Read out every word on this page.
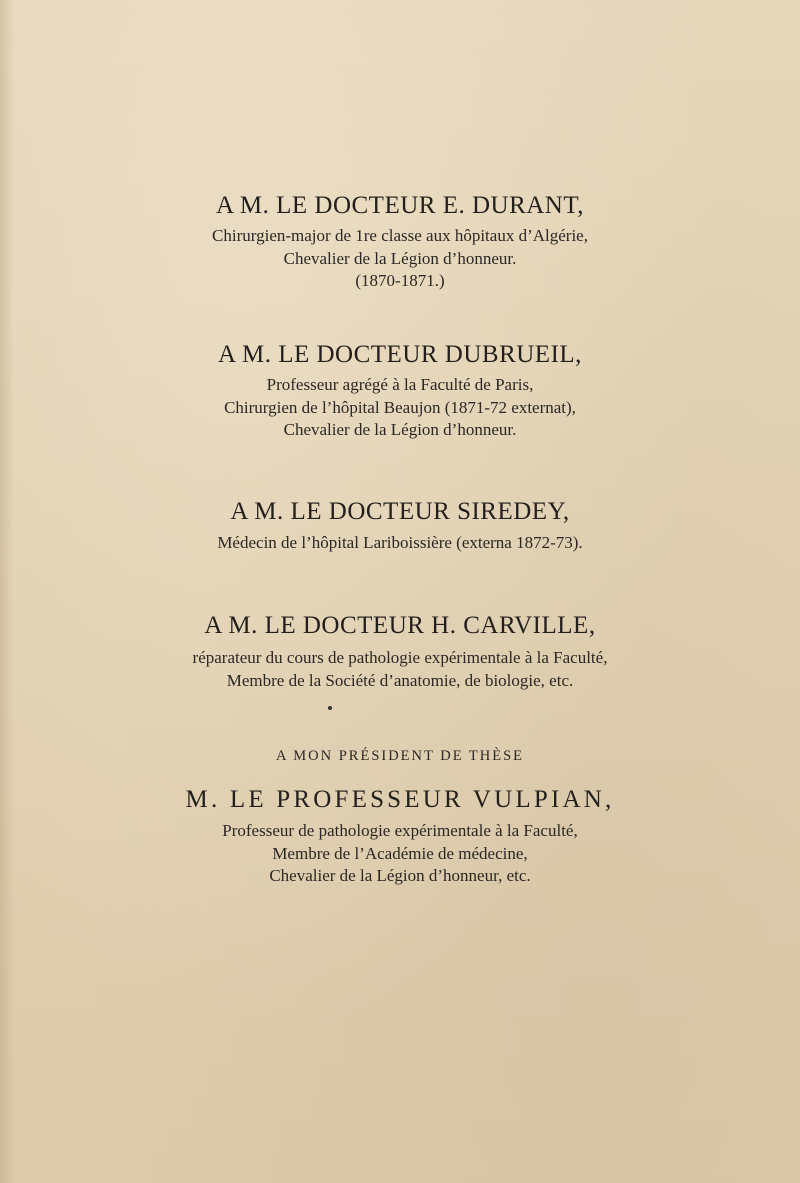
A M. LE DOCTEUR E. DURANT,
Chirurgien-major de 1re classe aux hôpitaux d’Algérie,
Chevalier de la Légion d’honneur.
(1870-1871.)
A M. LE DOCTEUR DUBRUEIL,
Professeur agrégé à la Faculté de Paris,
Chirurgien de l’hôpital Beaujon (1871-72 externat),
Chevalier de la Légion d’honneur.
A M. LE DOCTEUR SIREDEY,
Médecin de l’hôpital Lariboissière (externa 1872-73).
A M. LE DOCTEUR H. CARVILLE,
réparateur du cours de pathologie expérimentale à la Faculté,
Membre de la Société d’anatomie, de biologie, etc.
A MON PRÉSIDENT DE THÈSE
M. LE PROFESSEUR VULPIAN,
Professeur de pathologie expérimentale à la Faculté,
Membre de l’Académie de médecine,
Chevalier de la Légion d’honneur, etc.
